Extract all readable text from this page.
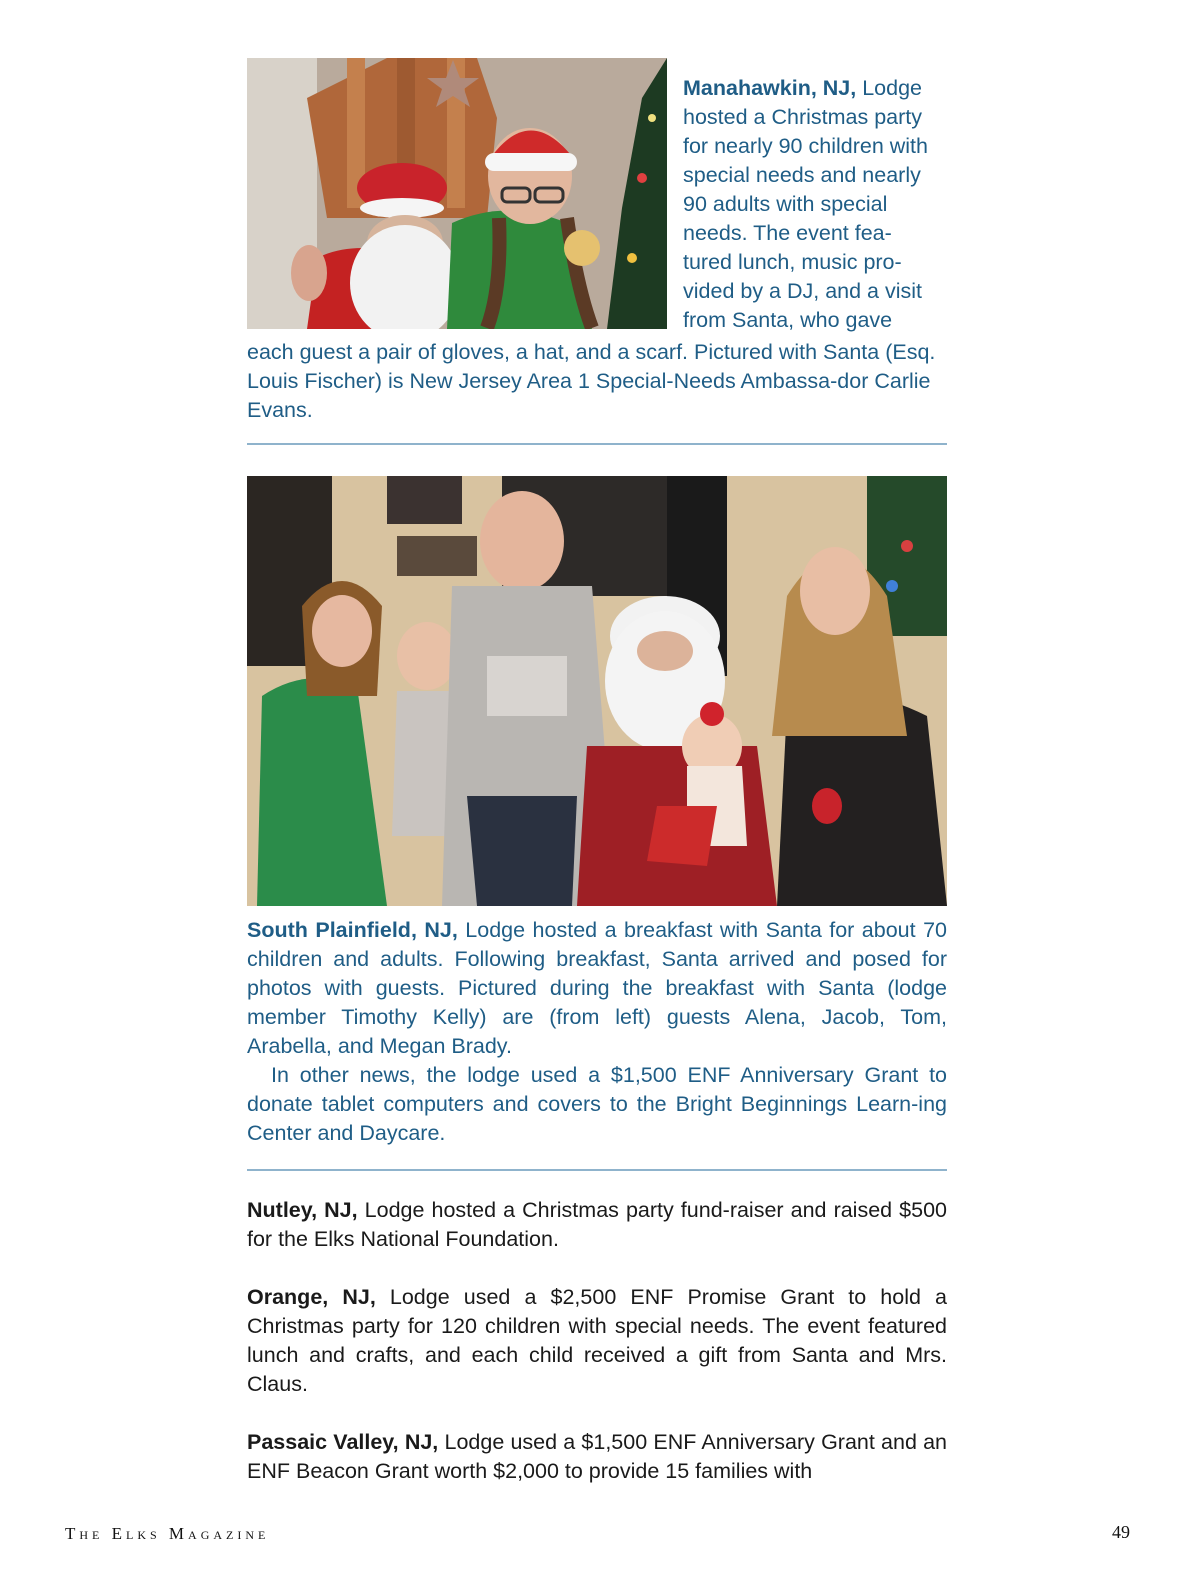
Manahawkin, NJ, Lodge

hosted a Christmas party

for nearly 90 children with

special needs and nearly

90 adults with special

needs. The event fea-

tured lunch, music pro-

vided by a DJ, and a visit

from Santa, who gave

each guest a pair of gloves, a hat, and a scarf. Pictured with Santa (Esq. Louis Fischer) is New Jersey Area 1 Special-Needs Ambassa-dor Carlie Evans.

South Plainfield, NJ, Lodge hosted a breakfast with Santa for about 70 children and adults. Following breakfast, Santa arrived and posed for photos with guests. Pictured during the breakfast with Santa (lodge member Timothy Kelly) are (from left) guests Alena, Jacob, Tom, Arabella, and Megan Brady.

In other news, the lodge used a $1,500 ENF Anniversary Grant to donate tablet computers and covers to the Bright Beginnings Learn-ing Center and Daycare.

Nutley, NJ, Lodge hosted a Christmas party fund-raiser and raised $500 for the Elks National Foundation.

Orange, NJ, Lodge used a $2,500 ENF Promise Grant to hold a Christmas party for 120 children with special needs. The event featured lunch and crafts, and each child received a gift from Santa and Mrs. Claus.

Passaic Valley, NJ, Lodge used a $1,500 ENF Anniversary Grant and an ENF Beacon Grant worth $2,000 to provide 15 families with

The Elks Magazine	49
